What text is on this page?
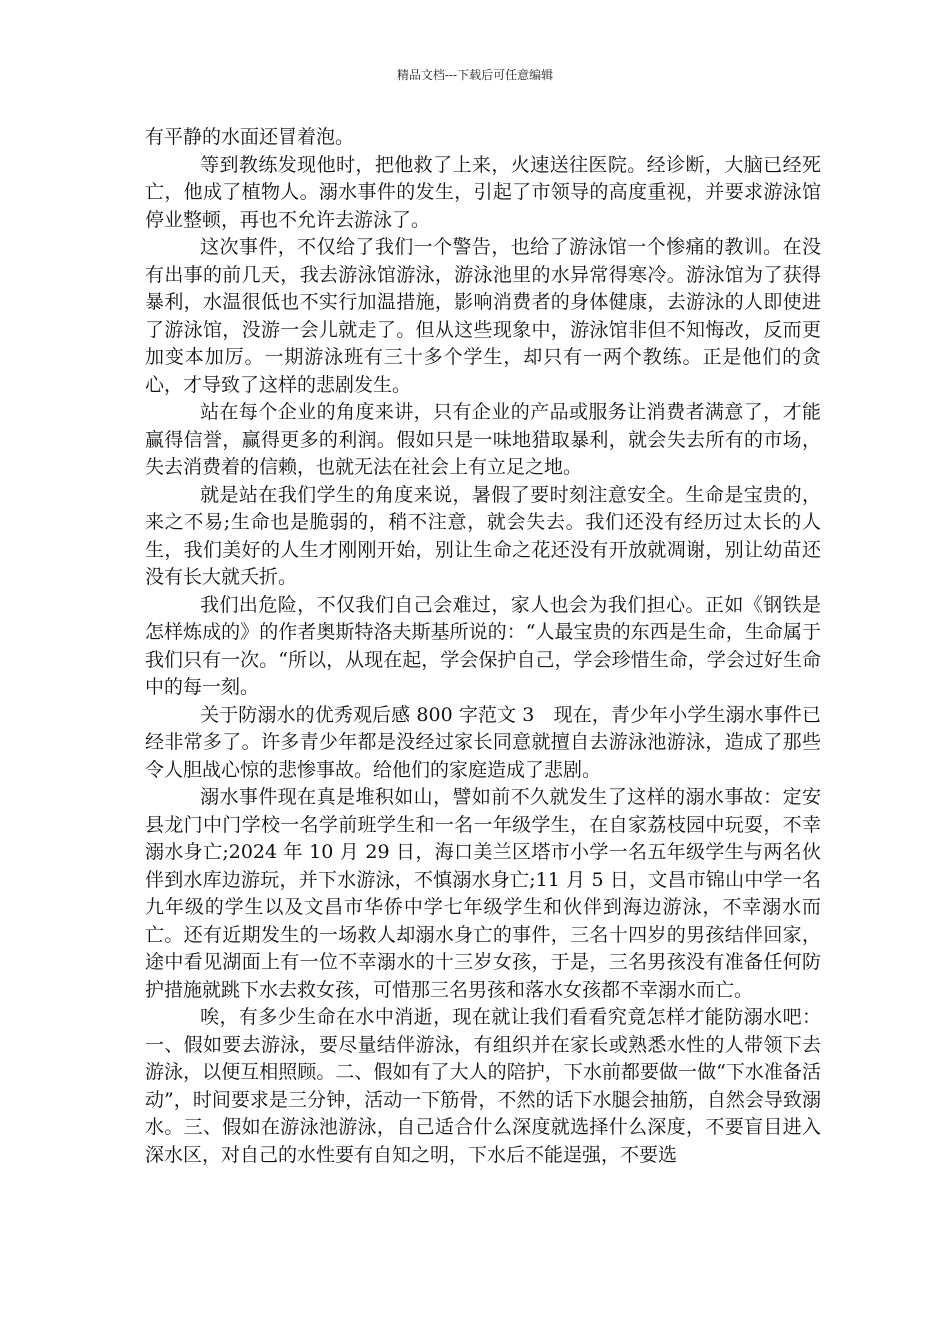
精品文档---下载后可任意编辑

有平静的水面还冒着泡。

等到教练发现他时，把他救了上来，火速送往医院。经诊断，大脑已经死亡，他成了植物人。溺水事件的发生，引起了市领导的高度重视，并要求游泳馆停业整顿，再也不允许去游泳了。

这次事件，不仅给了我们一个警告，也给了游泳馆一个惨痛的教训。在没有出事的前几天，我去游泳馆游泳，游泳池里的水异常得寒冷。游泳馆为了获得暴利，水温很低也不实行加温措施，影响消费者的身体健康，去游泳的人即使进了游泳馆，没游一会儿就走了。但从这些现象中，游泳馆非但不知悔改，反而更加变本加厉。一期游泳班有三十多个学生，却只有一两个教练。正是他们的贪心，才导致了这样的悲剧发生。

站在每个企业的角度来讲，只有企业的产品或服务让消费者满意了，才能赢得信誉，赢得更多的利润。假如只是一味地猎取暴利，就会失去所有的市场，失去消费着的信赖，也就无法在社会上有立足之地。

就是站在我们学生的角度来说，暑假了要时刻注意安全。生命是宝贵的，来之不易;生命也是脆弱的，稍不注意，就会失去。我们还没有经历过太长的人生，我们美好的人生才刚刚开始，别让生命之花还没有开放就凋谢，别让幼苗还没有长大就夭折。

我们出危险，不仅我们自己会难过，家人也会为我们担心。正如《钢铁是怎样炼成的》的作者奥斯特洛夫斯基所说的：“人最宝贵的东西是生命，生命属于我们只有一次。“所以，从现在起，学会保护自己，学会珍惜生命，学会过好生命中的每一刻。

关于防溺水的优秀观后感 800 字范文 3　现在，青少年小学生溺水事件已经非常多了。许多青少年都是没经过家长同意就擅自去游泳池游泳，造成了那些令人胆战心惊的悲惨事故。给他们的家庭造成了悲剧。

溺水事件现在真是堆积如山，譬如前不久就发生了这样的溺水事故：定安县龙门中门学校一名学前班学生和一名一年级学生，在自家荔枝园中玩耍，不幸溺水身亡;2024 年 10 月 29 日，海口美兰区塔市小学一名五年级学生与两名伙伴到水库边游玩，并下水游泳，不慎溺水身亡;11 月 5 日，文昌市锦山中学一名九年级的学生以及文昌市华侨中学七年级学生和伙伴到海边游泳，不幸溺水而亡。还有近期发生的一场救人却溺水身亡的事件，三名十四岁的男孩结伴回家，途中看见湖面上有一位不幸溺水的十三岁女孩，于是，三名男孩没有准备任何防护措施就跳下水去救女孩，可惜那三名男孩和落水女孩都不幸溺水而亡。

唉，有多少生命在水中消逝，现在就让我们看看究竟怎样才能防溺水吧：一、假如要去游泳，要尽量结伴游泳，有组织并在家长或熟悉水性的人带领下去游泳，以便互相照顾。二、假如有了大人的陪护，下水前都要做一做“下水准备活动”，时间要求是三分钟，活动一下筋骨，不然的话下水腿会抽筋，自然会导致溺水。三、假如在游泳池游泳，自己适合什么深度就选择什么深度，不要盲目进入深水区，对自己的水性要有自知之明，下水后不能逞强，不要选
